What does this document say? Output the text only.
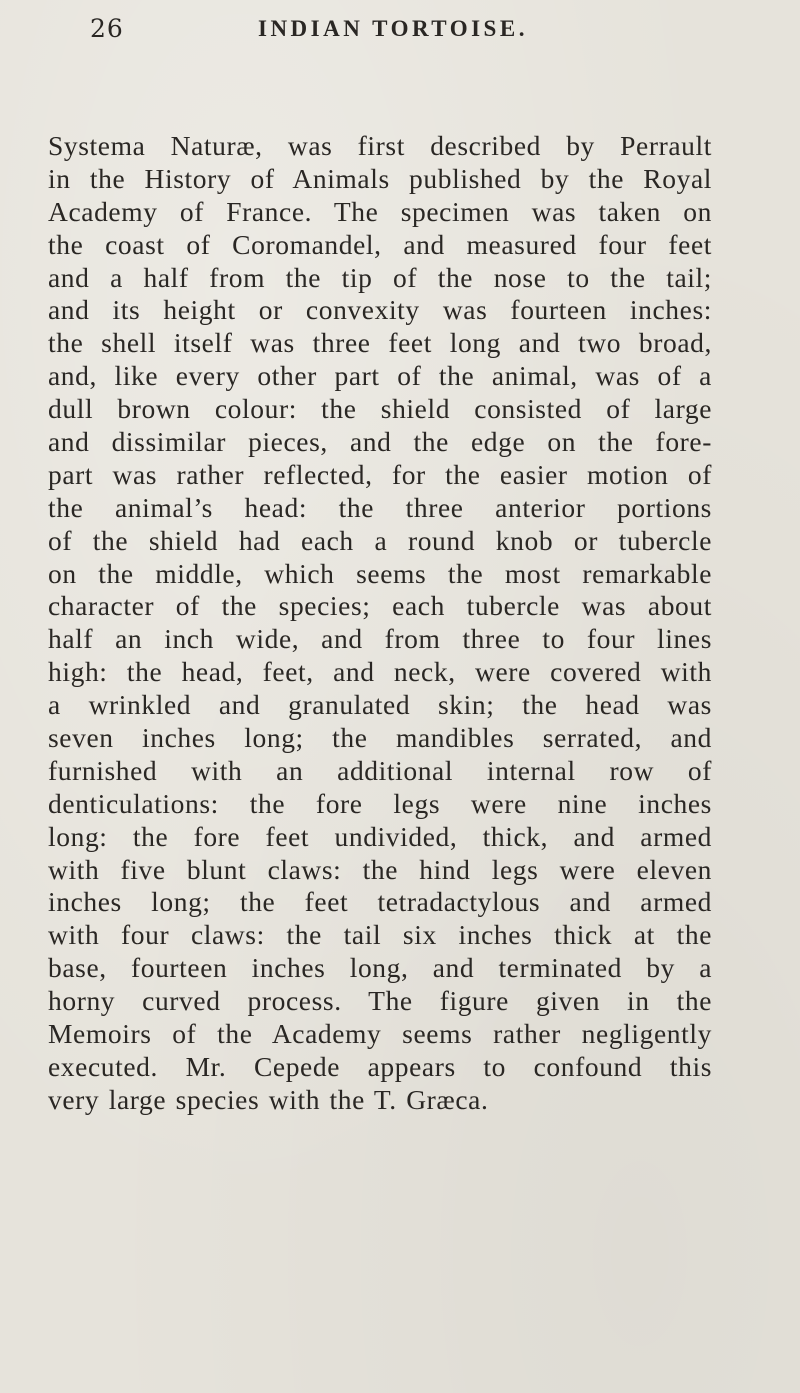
26	INDIAN TORTOISE.

Systema Naturæ, was first described by Perrault
in the History of Animals published by the Royal
Academy of France. The specimen was taken on
the coast of Coromandel, and measured four feet
and a half from the tip of the nose to the tail;
and its height or convexity was fourteen inches:
the shell itself was three feet long and two broad,
and, like every other part of the animal, was of a
dull brown colour: the shield consisted of large
and dissimilar pieces, and the edge on the fore-
part was rather reflected, for the easier motion of
the animal’s head: the three anterior portions
of the shield had each a round knob or tubercle
on the middle, which seems the most remarkable
character of the species; each tubercle was about
half an inch wide, and from three to four lines
high: the head, feet, and neck, were covered with
a wrinkled and granulated skin; the head was
seven inches long; the mandibles serrated, and
furnished with an additional internal row of
denticulations: the fore legs were nine inches
long: the fore feet undivided, thick, and armed
with five blunt claws: the hind legs were eleven
inches long; the feet tetradactylous and armed
with four claws: the tail six inches thick at the
base, fourteen inches long, and terminated by a
horny curved process. The figure given in the
Memoirs of the Academy seems rather negligently
executed. Mr. Cepede appears to confound this
very large species with the T. Græca.
